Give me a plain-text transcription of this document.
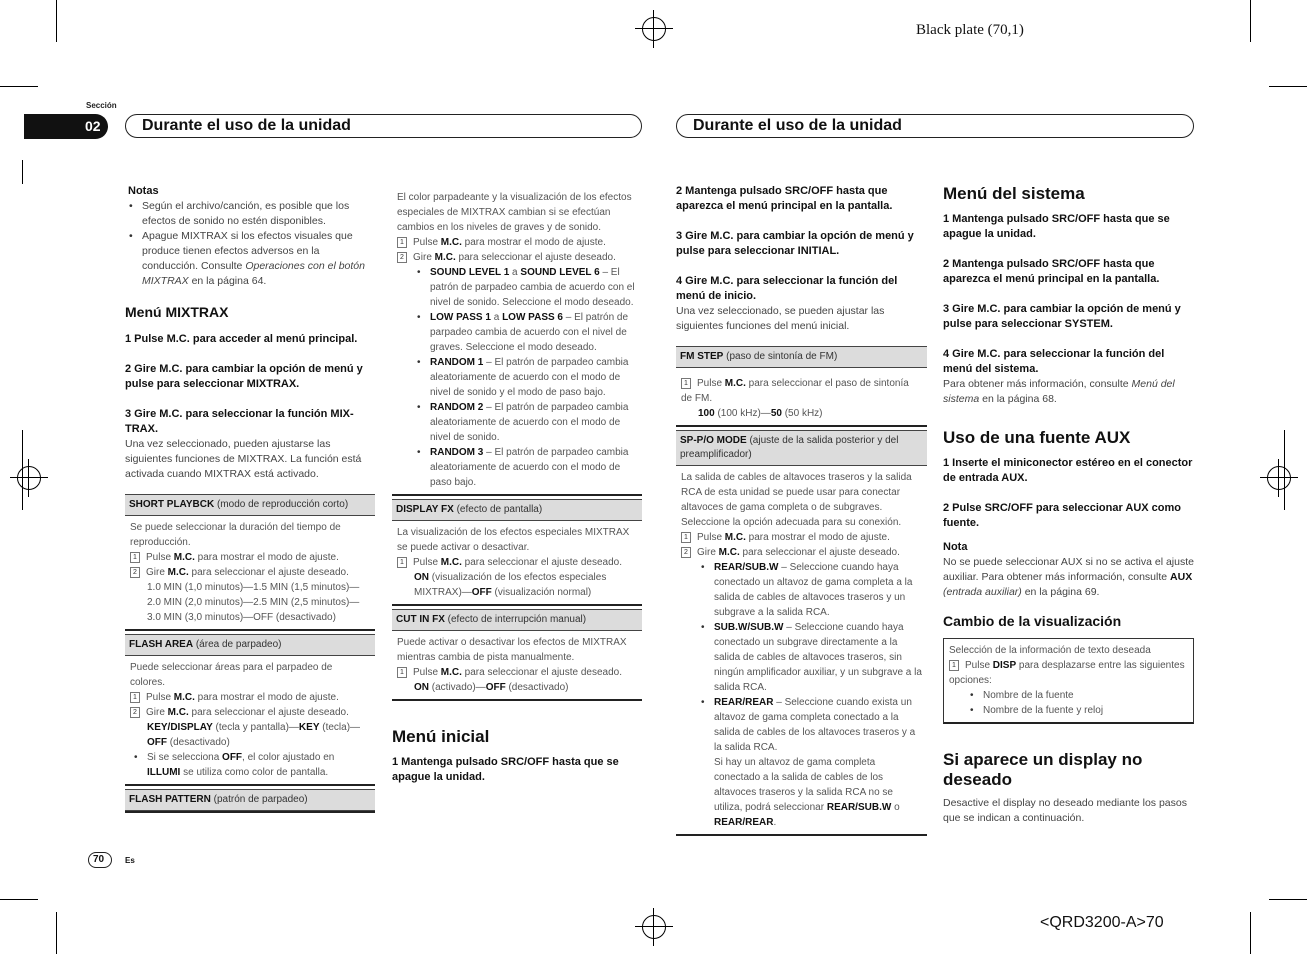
Black plate (70,1)
<QRD3200-A>70
Sección
02	Durante el uso de la unidad	Durante el uso de la unidad
70	Es

Notas

• Según el archivo/canción, es posible que los efectos de sonido no estén disponibles.
• Apague MIXTRAX si los efectos visuales que produce tienen efectos adversos en la conducción. Consulte Operaciones con el botón MIXTRAX en la página 64.

Menú MIXTRAX

1 Pulse M.C. para acceder al menú principal.

2 Gire M.C. para cambiar la opción de menú y pulse para seleccionar MIXTRAX.

3 Gire M.C. para seleccionar la función MIX-TRAX.

Una vez seleccionado, pueden ajustarse las siguientes funciones de MIXTRAX. La función está activada cuando MIXTRAX está activado.

SHORT PLAYBCK (modo de reproducción corto)

Se puede seleccionar la duración del tiempo de reproducción.

1 Pulse M.C. para mostrar el modo de ajuste.

2 Gire M.C. para seleccionar el ajuste deseado.

1.0 MIN (1,0 minutos)—1.5 MIN (1,5 minutos)—2.0 MIN (2,0 minutos)—2.5 MIN (2,5 minutos)—3.0 MIN (3,0 minutos)—OFF (desactivado)

FLASH AREA (área de parpadeo)

Puede seleccionar áreas para el parpadeo de colores.

1 Pulse M.C. para mostrar el modo de ajuste.

2 Gire M.C. para seleccionar el ajuste deseado.

KEY/DISPLAY (tecla y pantalla)—KEY (tecla)—OFF (desactivado)

• Si se selecciona OFF, el color ajustado en ILLUMI se utiliza como color de pantalla.
FLASH PATTERN (patrón de parpadeo)

El color parpadeante y la visualización de los efectos especiales de MIXTRAX cambian si se efectúan cambios en los niveles de graves y de sonido.

1 Pulse M.C. para mostrar el modo de ajuste.

2 Gire M.C. para seleccionar el ajuste deseado.

• SOUND LEVEL 1 a SOUND LEVEL 6 – El patrón de parpadeo cambia de acuerdo con el nivel de sonido. Seleccione el modo deseado.
• LOW PASS 1 a LOW PASS 6 – El patrón de parpadeo cambia de acuerdo con el nivel de graves. Seleccione el modo deseado.
• RANDOM 1 – El patrón de parpadeo cambia aleatoriamente de acuerdo con el modo de nivel de sonido y el modo de paso bajo.
• RANDOM 2 – El patrón de parpadeo cambia aleatoriamente de acuerdo con el modo de nivel de sonido.
• RANDOM 3 – El patrón de parpadeo cambia aleatoriamente de acuerdo con el modo de paso bajo.
DISPLAY FX (efecto de pantalla)

La visualización de los efectos especiales MIXTRAX se puede activar o desactivar.

1 Pulse M.C. para seleccionar el ajuste deseado.

ON (visualización de los efectos especiales MIXTRAX)—OFF (visualización normal)

CUT IN FX (efecto de interrupción manual)

Puede activar o desactivar los efectos de MIXTRAX mientras cambia de pista manualmente.

1 Pulse M.C. para seleccionar el ajuste deseado.

ON (activado)—OFF (desactivado)

Menú inicial

1 Mantenga pulsado SRC/OFF hasta que se apague la unidad.

2 Mantenga pulsado SRC/OFF hasta que aparezca el menú principal en la pantalla.

3 Gire M.C. para cambiar la opción de menú y pulse para seleccionar INITIAL.

4 Gire M.C. para seleccionar la función del menú de inicio.

Una vez seleccionado, se pueden ajustar las siguientes funciones del menú inicial.

FM STEP (paso de sintonía de FM)

1 Pulse M.C. para seleccionar el paso de sintonía de FM.

100 (100 kHz)—50 (50 kHz)

SP-P/O MODE (ajuste de la salida posterior y del preamplificador)

La salida de cables de altavoces traseros y la salida RCA de esta unidad se puede usar para conectar altavoces de gama completa o de subgraves. Seleccione la opción adecuada para su conexión.

1 Pulse M.C. para mostrar el modo de ajuste.

2 Gire M.C. para seleccionar el ajuste deseado.

• REAR/SUB.W – Seleccione cuando haya conectado un altavoz de gama completa a la salida de cables de altavoces traseros y un subgrave a la salida RCA.
• SUB.W/SUB.W – Seleccione cuando haya conectado un subgrave directamente a la salida de cables de altavoces traseros, sin ningún amplificador auxiliar, y un subgrave a la salida RCA.
• REAR/REAR – Seleccione cuando exista un altavoz de gama completa conectado a la salida de cables de los altavoces traseros y a la salida RCA.
Si hay un altavoz de gama completa conectado a la salida de cables de los altavoces traseros y la salida RCA no se utiliza, podrá seleccionar REAR/SUB.W o REAR/REAR.

Menú del sistema

1 Mantenga pulsado SRC/OFF hasta que se apague la unidad.

2 Mantenga pulsado SRC/OFF hasta que aparezca el menú principal en la pantalla.

3 Gire M.C. para cambiar la opción de menú y pulse para seleccionar SYSTEM.

4 Gire M.C. para seleccionar la función del menú del sistema.

Para obtener más información, consulte Menú del sistema en la página 68.

Uso de una fuente AUX

1 Inserte el miniconector estéreo en el conector de entrada AUX.

2 Pulse SRC/OFF para seleccionar AUX como fuente.

Nota

No se puede seleccionar AUX si no se activa el ajuste auxiliar. Para obtener más información, consulte AUX (entrada auxiliar) en la página 69.

Cambio de la visualización

Selección de la información de texto deseada

1 Pulse DISP para desplazarse entre las siguientes opciones:

• Nombre de la fuente
• Nombre de la fuente y reloj

Si aparece un display no deseado

Desactive el display no deseado mediante los pasos que se indican a continuación.
